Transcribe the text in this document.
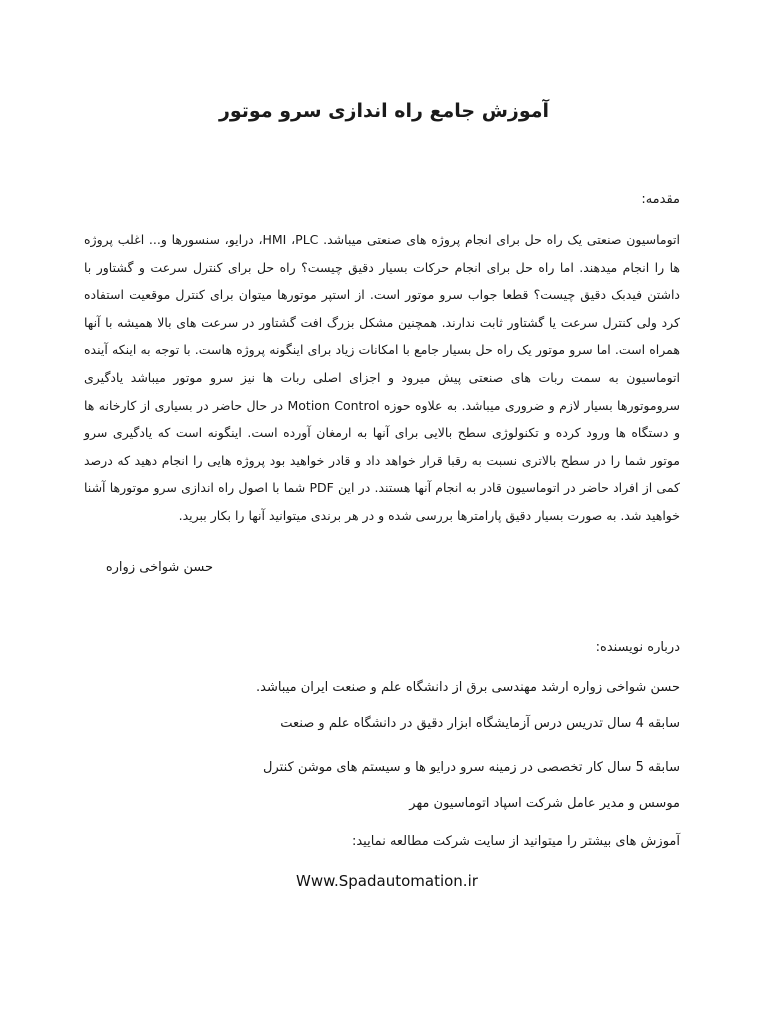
آموزش جامع راه اندازی سرو موتور
مقدمه:

اتوماسیون صنعتی یک راه حل برای انجام پروژه های صنعتی میباشد. HMI ،PLC، درایو، سنسورها و... اغلب پروژه ها را انجام میدهند. اما راه حل برای انجام حرکات بسیار دقیق چیست؟ راه حل برای کنترل سرعت و گشتاور با داشتن فیدبک دقیق چیست؟ قطعا جواب سرو موتور است. از استپر موتورها میتوان برای کنترل موقعیت استفاده کرد ولی کنترل سرعت یا گشتاور ثابت ندارند. همچنین مشکل بزرگ افت گشتاور در سرعت های بالا همیشه با آنها همراه است. اما سرو موتور یک راه حل بسیار جامع با امکانات زیاد برای اینگونه پروژه هاست. با توجه به اینکه آینده اتوماسیون به سمت ربات های صنعتی پیش میرود و اجزای اصلی ربات ها نیز سرو موتور میباشد یادگیری سروموتورها بسیار لازم و ضروری میباشد. به علاوه حوزه Motion Control در حال حاضر در بسیاری از کارخانه ها و دستگاه ها ورود کرده و تکنولوژی سطح بالایی برای آنها به ارمغان آورده است. اینگونه است که یادگیری سرو موتور شما را در سطح بالاتری نسبت به رقبا قرار خواهد داد و قادر خواهید بود پروژه هایی را انجام دهید که درصد کمی از افراد حاضر در اتوماسیون قادر به انجام آنها هستند. در این PDF شما با اصول راه اندازی سرو موتورها آشنا خواهید شد. به صورت بسیار دقیق پارامترها بررسی شده و در هر برندی میتوانید آنها را بکار ببرید.

حسن شواخی زواره
درباره نویسنده:
حسن شواخی زواره ارشد مهندسی برق از دانشگاه علم و صنعت ایران میباشد.
سابقه 4 سال تدریس درس آزمایشگاه ابزار دقیق در دانشگاه علم و صنعت
سابقه 5 سال کار تخصصی در زمینه سرو درایو ها و سیستم های موشن کنترل
موسس و مدیر عامل شرکت اسپاد اتوماسیون مهر
آموزش های بیشتر را میتوانید از سایت شرکت مطالعه نمایید:
Www.Spadautomation.ir
